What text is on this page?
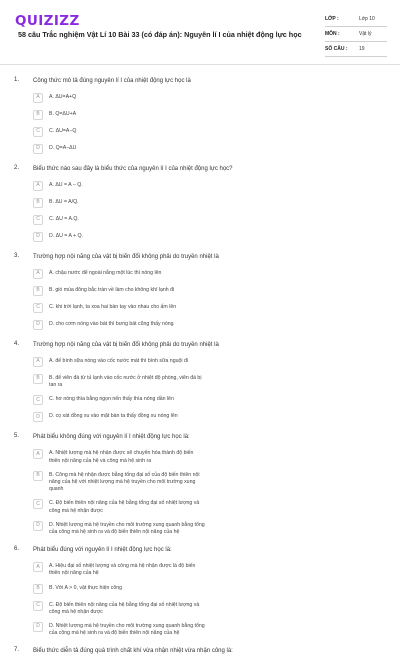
QUIZIZZ
58 câu Trắc nghiệm Vật Lí 10 Bài 33 (có đáp án): Nguyên lí I của nhiệt động lực học
LỚP :	Lớp 10
MÔN :	Vật lý
SỐ CÂU :	19
1. Công thức mô tả đúng nguyên lí I của nhiệt động lực học là
A	A. ΔU=A+Q
B	B. Q=ΔU+A
C	C. ΔU=A−Q
D	D. Q=A−ΔU
2. Biểu thức nào sau đây là biểu thức của nguyên lí I của nhiệt động lực học?
A	A. ΔU = A − Q.
B	B. ΔU = A/Q.
C	C. ΔU = A.Q.
D	D. ΔU = A + Q.
3. Trường hợp nội năng của vật bị biến đổi không phải do truyền nhiệt là
A	A. chậu nước để ngoài nắng một lúc thì nóng lên
B	B. gió mùa đông bắc tràn về làm cho không khí lạnh đi
C	C. khi trời lạnh, ta xoa hai bàn tay vào nhau cho ấm lên
D	D. cho cơm nóng vào bát thì bưng bát cũng thấy nóng
4. Trường hợp nội năng của vật bị biến đổi không phải do truyền nhiệt là
A	A. đế bình sữa nóng vào cốc nước mát thì bình sữa nguội đi
B	B. để viên đá từ tủ lạnh vào cốc nước ở nhiệt độ phòng, viên đá bị tan ra
C	C. hơ nóng thìa bằng ngọn nến thấy thìa nóng dần lên
D	D. cọ xát đồng xu vào mặt bàn ta thấy đồng xu nóng lên
5. Phát biểu không đúng với nguyên lí I nhiệt động lực học là:
A	A. Nhiệt lượng mà hệ nhận được sẽ chuyển hóa thành độ biến thiên nội năng của hệ và công mà hệ sinh ra
B	B. Công mà hệ nhận được bằng tổng đại số của độ biến thiên nội năng của hệ với nhiệt lượng mà hệ truyền cho môi trường xung quanh
C	C. Độ biến thiên nội năng của hệ bằng tổng đại số nhiệt lượng và công mà hệ nhận được
D	D. Nhiệt lượng mà hệ truyền cho môi trường xung quanh bằng tổng của công mà hệ sinh ra và độ biến thiên nội năng của hệ
6. Phát biểu đúng với nguyên lí I nhiệt động lực học là:
A	A. Hiệu đại số nhiệt lượng và công mà hệ nhận được là độ biến thiên nội năng của hệ
B	B. Với A > 0, vật thực hiện công
C	C. Độ biến thiên nội năng của hệ bằng tổng đại số nhiệt lượng và công mà hệ nhận được
D	D. Nhiệt lượng mà hệ truyền cho môi trường xung quanh bằng tổng của công mà hệ sinh ra và độ biến thiên nội năng của hệ
7. Biểu thức diễn tả đúng quá trình chất khí vừa nhận nhiệt vừa nhận công là:
